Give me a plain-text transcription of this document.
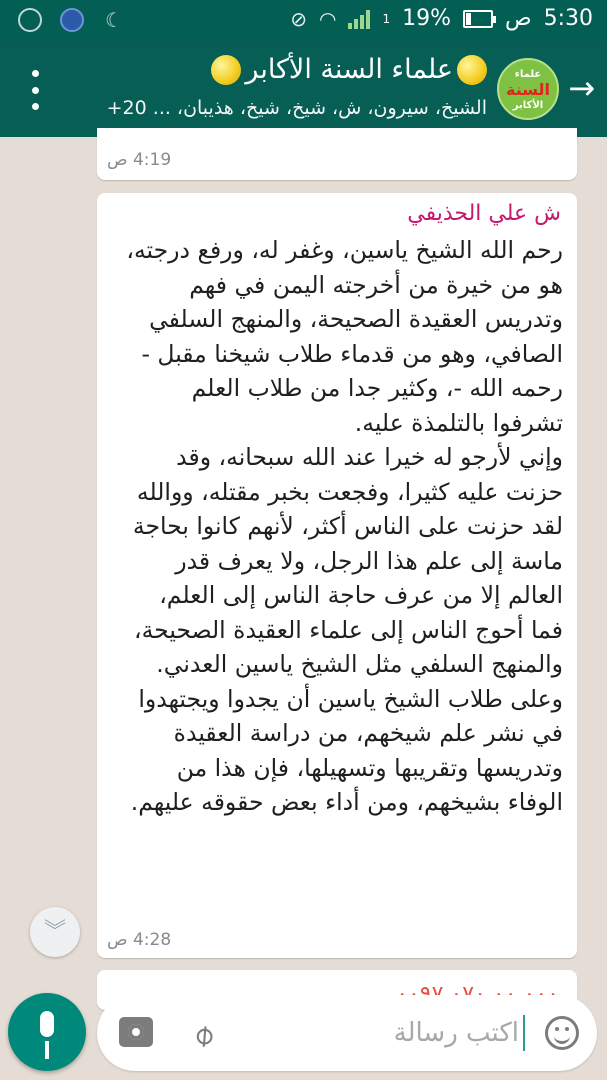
☾	⊘ ◠	1 19% ص 5:30
→
علماء
السنة
الأكابر
علماء السنة الأكابر
الشيخ، سيرون، ش، شيخ، شيخ، هذيبان، ... 20+
4:19 ص
ش علي الحذيفي
رحم الله الشيخ ياسين، وغفر له، ورفع درجته، هو من خيرة من أخرجته اليمن في فهم وتدريس العقيدة الصحيحة، والمنهج السلفي الصافي، وهو من قدماء طلاب شيخنا مقبل - رحمه الله -، وكثير جدا من طلاب العلم تشرفوا بالتلمذة عليه.
وإني لأرجو له خيرا عند الله سبحانه، وقد حزنت عليه كثيرا، وفجعت بخبر مقتله، ووالله لقد حزنت على الناس أكثر، لأنهم كانوا بحاجة ماسة إلى علم هذا الرجل، ولا يعرف قدر العالم إلا من عرف حاجة الناس إلى العلم، فما أحوج الناس إلى علماء العقيدة الصحيحة، والمنهج السلفي مثل الشيخ ياسين العدني. وعلى طلاب الشيخ ياسين أن يجدوا ويجتهدوا في نشر علم شيخهم، من دراسة العقيدة وتدريسها وتقريبها وتسهيلها، فإن هذا من الوفاء بشيخهم، ومن أداء بعض حقوقه عليهم.
4:28 ص
︾
اكتب رسالة
⌀
